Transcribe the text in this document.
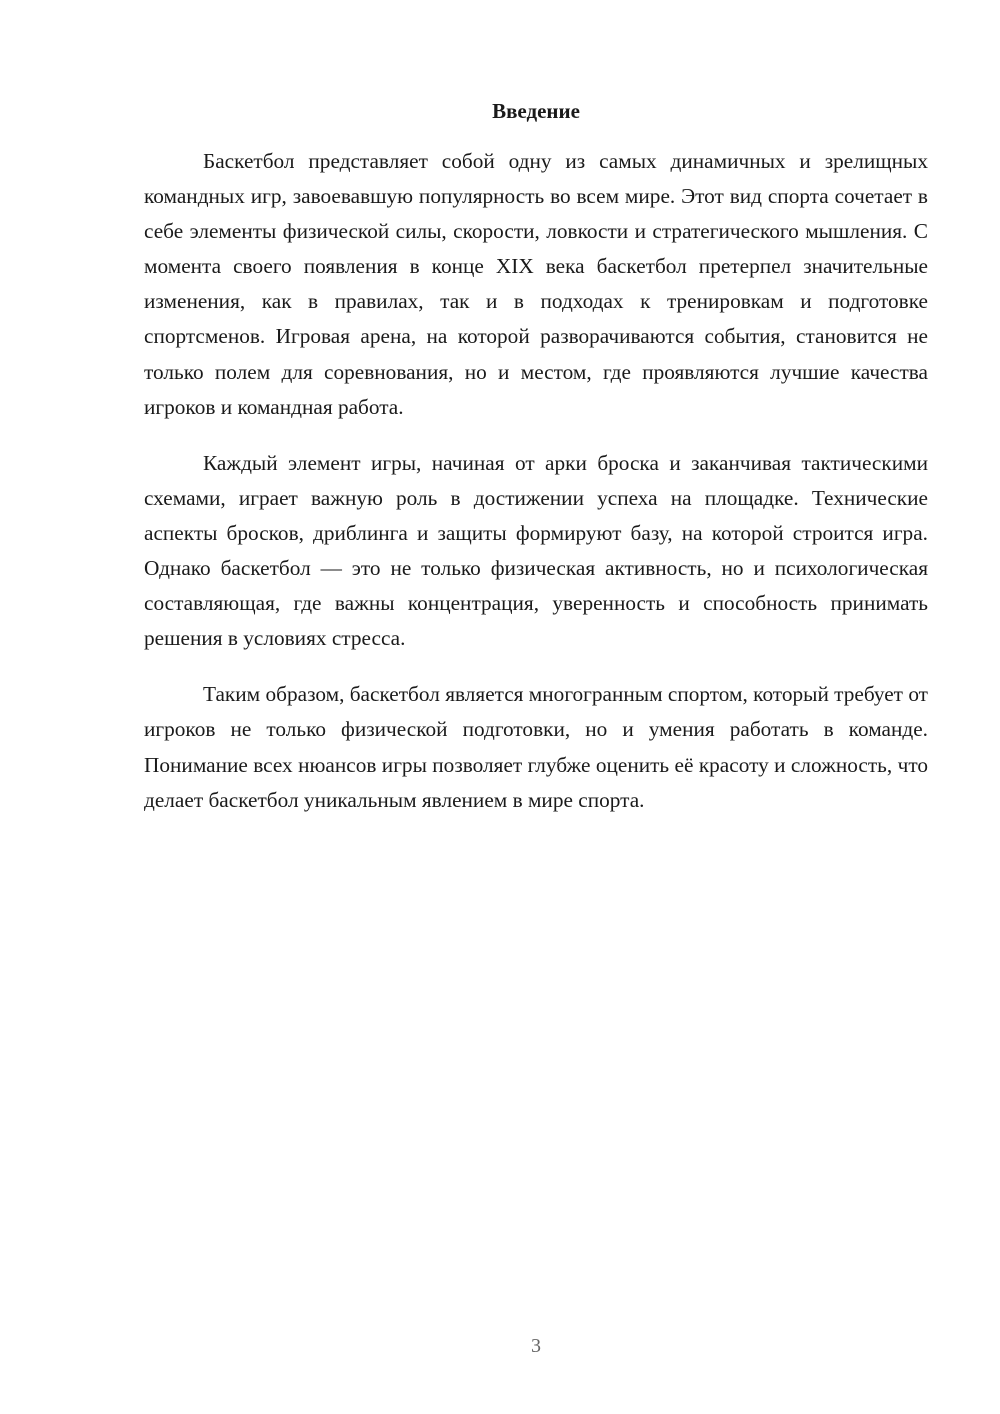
Введение

Баскетбол представляет собой одну из самых динамичных и зрелищных командных игр, завоевавшую популярность во всем мире. Этот вид спорта сочетает в себе элементы физической силы, скорости, ловкости и стратегического мышления. С момента своего появления в конце XIX века баскетбол претерпел значительные изменения, как в правилах, так и в подходах к тренировкам и подготовке спортсменов. Игровая арена, на которой разворачиваются события, становится не только полем для соревнования, но и местом, где проявляются лучшие качества игроков и командная работа.

Каждый элемент игры, начиная от арки броска и заканчивая тактическими схемами, играет важную роль в достижении успеха на площадке. Технические аспекты бросков, дриблинга и защиты формируют базу, на которой строится игра. Однако баскетбол — это не только физическая активность, но и психологическая составляющая, где важны концентрация, уверенность и способность принимать решения в условиях стресса.

Таким образом, баскетбол является многогранным спортом, который требует от игроков не только физической подготовки, но и умения работать в команде. Понимание всех нюансов игры позволяет глубже оценить её красоту и сложность, что делает баскетбол уникальным явлением в мире спорта.

3
